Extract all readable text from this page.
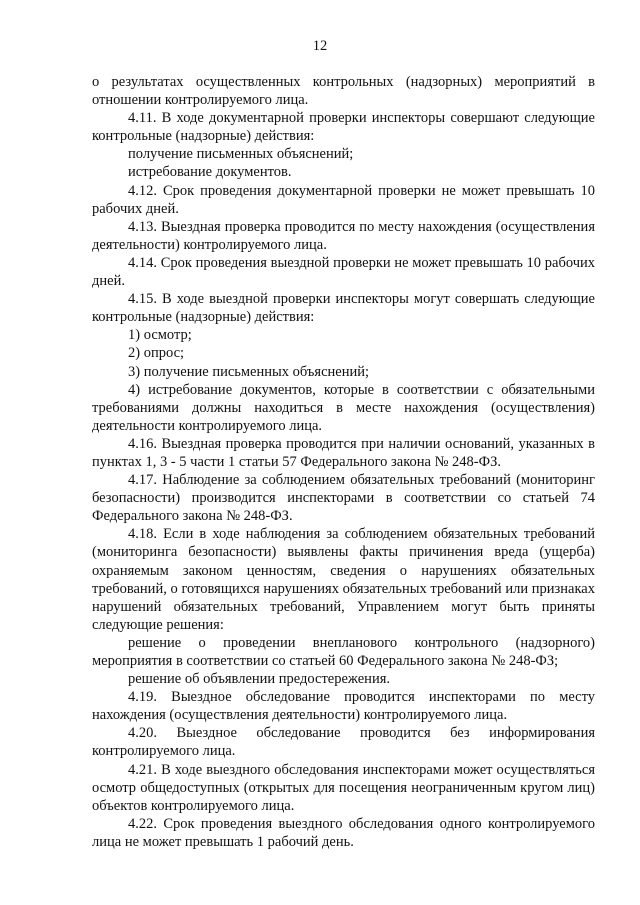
12

о результатах осуществленных контрольных (надзорных) мероприятий в отношении контролируемого лица.

4.11. В ходе документарной проверки инспекторы совершают следующие контрольные (надзорные) действия:

получение письменных объяснений;

истребование документов.

4.12. Срок проведения документарной проверки не может превышать 10 рабочих дней.

4.13. Выездная проверка проводится по месту нахождения (осуществления деятельности) контролируемого лица.

4.14. Срок проведения выездной проверки не может превышать 10 рабочих дней.

4.15. В ходе выездной проверки инспекторы могут совершать следующие контрольные (надзорные) действия:

1) осмотр;

2) опрос;

3) получение письменных объяснений;

4) истребование документов, которые в соответствии с обязательными требованиями должны находиться в месте нахождения (осуществления) деятельности контролируемого лица.

4.16. Выездная проверка проводится при наличии оснований, указанных в пунктах 1, 3 - 5 части 1 статьи 57 Федерального закона № 248-ФЗ.

4.17. Наблюдение за соблюдением обязательных требований (мониторинг безопасности) производится инспекторами в соответствии со статьей 74 Федерального закона № 248-ФЗ.

4.18. Если в ходе наблюдения за соблюдением обязательных требований (мониторинга безопасности) выявлены факты причинения вреда (ущерба) охраняемым законом ценностям, сведения о нарушениях обязательных требований, о готовящихся нарушениях обязательных требований или признаках нарушений обязательных требований, Управлением могут быть приняты следующие решения:

решение о проведении внепланового контрольного (надзорного) мероприятия в соответствии со статьей 60 Федерального закона № 248-ФЗ;

решение об объявлении предостережения.

4.19. Выездное обследование проводится инспекторами по месту нахождения (осуществления деятельности) контролируемого лица.

4.20. Выездное обследование проводится без информирования контролируемого лица.

4.21. В ходе выездного обследования инспекторами может осуществляться осмотр общедоступных (открытых для посещения неограниченным кругом лиц) объектов контролируемого лица.

4.22. Срок проведения выездного обследования одного контролируемого лица не может превышать 1 рабочий день.
